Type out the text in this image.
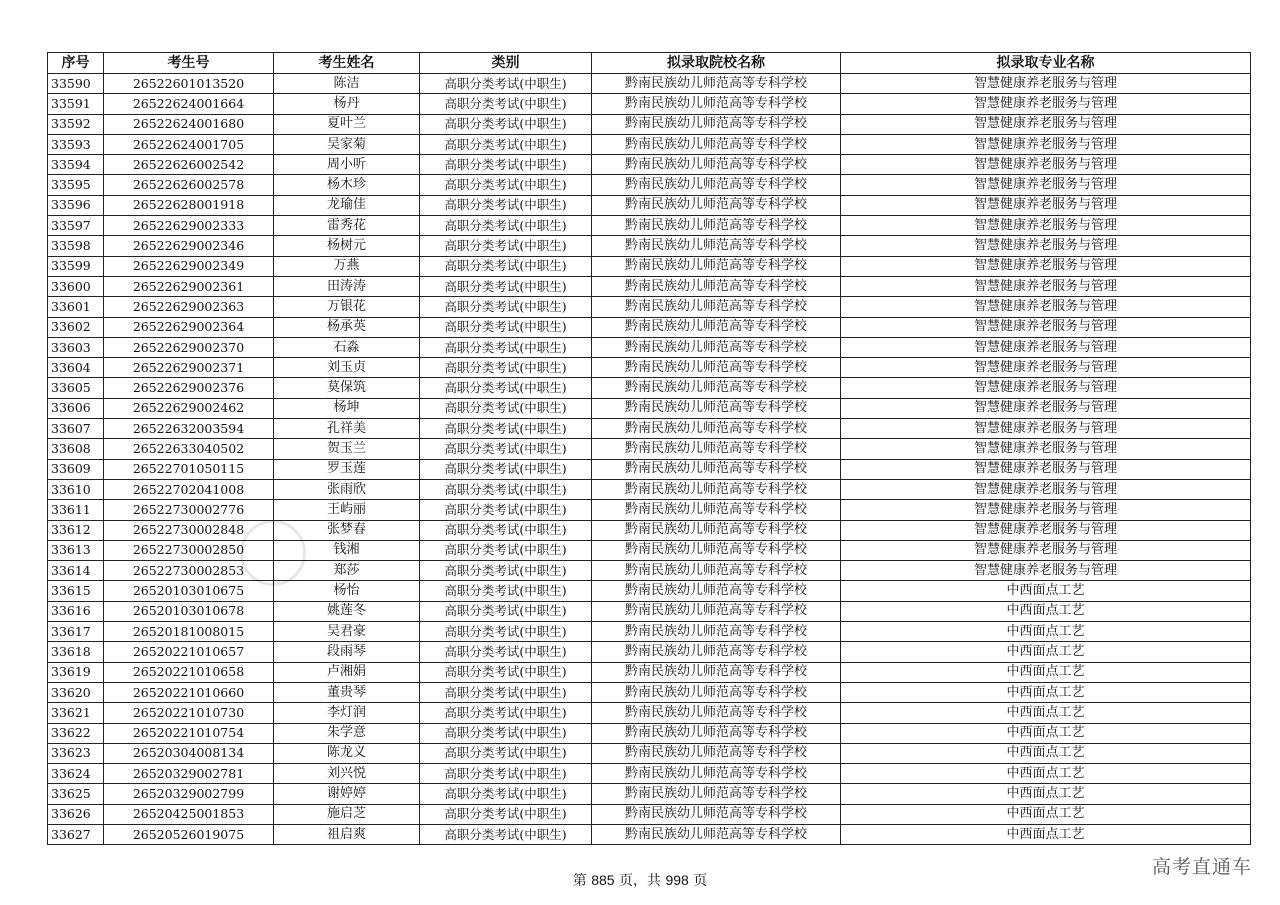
序号	考生号	考生姓名	类别	拟录取院校名称	拟录取专业名称
33590	26522601013520	陈洁	高职分类考试(中职生)	黔南民族幼儿师范高等专科学校	智慧健康养老服务与管理
33591	26522624001664	杨丹	高职分类考试(中职生)	黔南民族幼儿师范高等专科学校	智慧健康养老服务与管理
33592	26522624001680	夏叶兰	高职分类考试(中职生)	黔南民族幼儿师范高等专科学校	智慧健康养老服务与管理
33593	26522624001705	吴家菊	高职分类考试(中职生)	黔南民族幼儿师范高等专科学校	智慧健康养老服务与管理
33594	26522626002542	周小听	高职分类考试(中职生)	黔南民族幼儿师范高等专科学校	智慧健康养老服务与管理
33595	26522626002578	杨木珍	高职分类考试(中职生)	黔南民族幼儿师范高等专科学校	智慧健康养老服务与管理
33596	26522628001918	龙瑜佳	高职分类考试(中职生)	黔南民族幼儿师范高等专科学校	智慧健康养老服务与管理
33597	26522629002333	雷秀花	高职分类考试(中职生)	黔南民族幼儿师范高等专科学校	智慧健康养老服务与管理
33598	26522629002346	杨树元	高职分类考试(中职生)	黔南民族幼儿师范高等专科学校	智慧健康养老服务与管理
33599	26522629002349	万燕	高职分类考试(中职生)	黔南民族幼儿师范高等专科学校	智慧健康养老服务与管理
33600	26522629002361	田涛涛	高职分类考试(中职生)	黔南民族幼儿师范高等专科学校	智慧健康养老服务与管理
33601	26522629002363	万银花	高职分类考试(中职生)	黔南民族幼儿师范高等专科学校	智慧健康养老服务与管理
33602	26522629002364	杨承英	高职分类考试(中职生)	黔南民族幼儿师范高等专科学校	智慧健康养老服务与管理
33603	26522629002370	石淼	高职分类考试(中职生)	黔南民族幼儿师范高等专科学校	智慧健康养老服务与管理
33604	26522629002371	刘玉贞	高职分类考试(中职生)	黔南民族幼儿师范高等专科学校	智慧健康养老服务与管理
33605	26522629002376	莫保筑	高职分类考试(中职生)	黔南民族幼儿师范高等专科学校	智慧健康养老服务与管理
33606	26522629002462	杨坤	高职分类考试(中职生)	黔南民族幼儿师范高等专科学校	智慧健康养老服务与管理
33607	26522632003594	孔祥美	高职分类考试(中职生)	黔南民族幼儿师范高等专科学校	智慧健康养老服务与管理
33608	26522633040502	贺玉兰	高职分类考试(中职生)	黔南民族幼儿师范高等专科学校	智慧健康养老服务与管理
33609	26522701050115	罗玉莲	高职分类考试(中职生)	黔南民族幼儿师范高等专科学校	智慧健康养老服务与管理
33610	26522702041008	张雨欣	高职分类考试(中职生)	黔南民族幼儿师范高等专科学校	智慧健康养老服务与管理
33611	26522730002776	王屿丽	高职分类考试(中职生)	黔南民族幼儿师范高等专科学校	智慧健康养老服务与管理
33612	26522730002848	张梦春	高职分类考试(中职生)	黔南民族幼儿师范高等专科学校	智慧健康养老服务与管理
33613	26522730002850	钱湘	高职分类考试(中职生)	黔南民族幼儿师范高等专科学校	智慧健康养老服务与管理
33614	26522730002853	郑莎	高职分类考试(中职生)	黔南民族幼儿师范高等专科学校	智慧健康养老服务与管理
33615	26520103010675	杨怡	高职分类考试(中职生)	黔南民族幼儿师范高等专科学校	中西面点工艺
33616	26520103010678	姚莲冬	高职分类考试(中职生)	黔南民族幼儿师范高等专科学校	中西面点工艺
33617	26520181008015	吴君豪	高职分类考试(中职生)	黔南民族幼儿师范高等专科学校	中西面点工艺
33618	26520221010657	段雨琴	高职分类考试(中职生)	黔南民族幼儿师范高等专科学校	中西面点工艺
33619	26520221010658	卢湘娟	高职分类考试(中职生)	黔南民族幼儿师范高等专科学校	中西面点工艺
33620	26520221010660	董贵琴	高职分类考试(中职生)	黔南民族幼儿师范高等专科学校	中西面点工艺
33621	26520221010730	李灯润	高职分类考试(中职生)	黔南民族幼儿师范高等专科学校	中西面点工艺
33622	26520221010754	朱学意	高职分类考试(中职生)	黔南民族幼儿师范高等专科学校	中西面点工艺
33623	26520304008134	陈龙义	高职分类考试(中职生)	黔南民族幼儿师范高等专科学校	中西面点工艺
33624	26520329002781	刘兴悦	高职分类考试(中职生)	黔南民族幼儿师范高等专科学校	中西面点工艺
33625	26520329002799	谢婷婷	高职分类考试(中职生)	黔南民族幼儿师范高等专科学校	中西面点工艺
33626	26520425001853	施启芝	高职分类考试(中职生)	黔南民族幼儿师范高等专科学校	中西面点工艺
33627	26520526019075	祖启爽	高职分类考试(中职生)	黔南民族幼儿师范高等专科学校	中西面点工艺
第 885 页，共 998 页
高考直通车
